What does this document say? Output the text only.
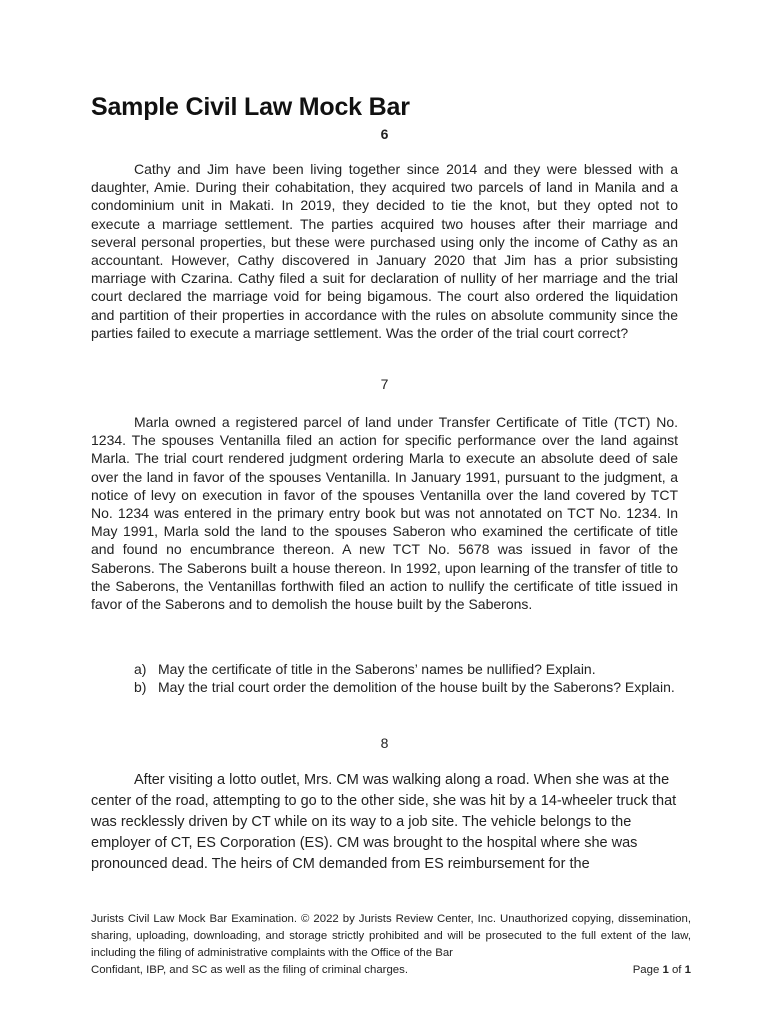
Sample Civil Law Mock Bar
6
Cathy and Jim have been living together since 2014 and they were blessed with a daughter, Amie. During their cohabitation, they acquired two parcels of land in Manila and a condominium unit in Makati. In 2019, they decided to tie the knot, but they opted not to execute a marriage settlement. The parties acquired two houses after their marriage and several personal properties, but these were purchased using only the income of Cathy as an accountant. However, Cathy discovered in January 2020 that Jim has a prior subsisting marriage with Czarina. Cathy filed a suit for declaration of nullity of her marriage and the trial court declared the marriage void for being bigamous. The court also ordered the liquidation and partition of their properties in accordance with the rules on absolute community since the parties failed to execute a marriage settlement. Was the order of the trial court correct?
7
Marla owned a registered parcel of land under Transfer Certificate of Title (TCT) No. 1234. The spouses Ventanilla filed an action for specific performance over the land against Marla. The trial court rendered judgment ordering Marla to execute an absolute deed of sale over the land in favor of the spouses Ventanilla. In January 1991, pursuant to the judgment, a notice of levy on execution in favor of the spouses Ventanilla over the land covered by TCT No. 1234 was entered in the primary entry book but was not annotated on TCT No. 1234. In May 1991, Marla sold the land to the spouses Saberon who examined the certificate of title and found no encumbrance thereon. A new TCT No. 5678 was issued in favor of the Saberons. The Saberons built a house thereon. In 1992, upon learning of the transfer of title to the Saberons, the Ventanillas forthwith filed an action to nullify the certificate of title issued in favor of the Saberons and to demolish the house built by the Saberons.
a) May the certificate of title in the Saberons’ names be nullified? Explain.
b) May the trial court order the demolition of the house built by the Saberons? Explain.
8
After visiting a lotto outlet, Mrs. CM was walking along a road. When she was at the center of the road, attempting to go to the other side, she was hit by a 14-wheeler truck that was recklessly driven by CT while on its way to a job site. The vehicle belongs to the employer of CT, ES Corporation (ES). CM was brought to the hospital where she was pronounced dead. The heirs of CM demanded from ES reimbursement for the
Jurists Civil Law Mock Bar Examination. © 2022 by Jurists Review Center, Inc. Unauthorized copying, dissemination, sharing, uploading, downloading, and storage strictly prohibited and will be prosecuted to the full extent of the law, including the filing of administrative complaints with the Office of the Bar
Confidant, IBP, and SC as well as the filing of criminal charges.	Page 1 of 1
